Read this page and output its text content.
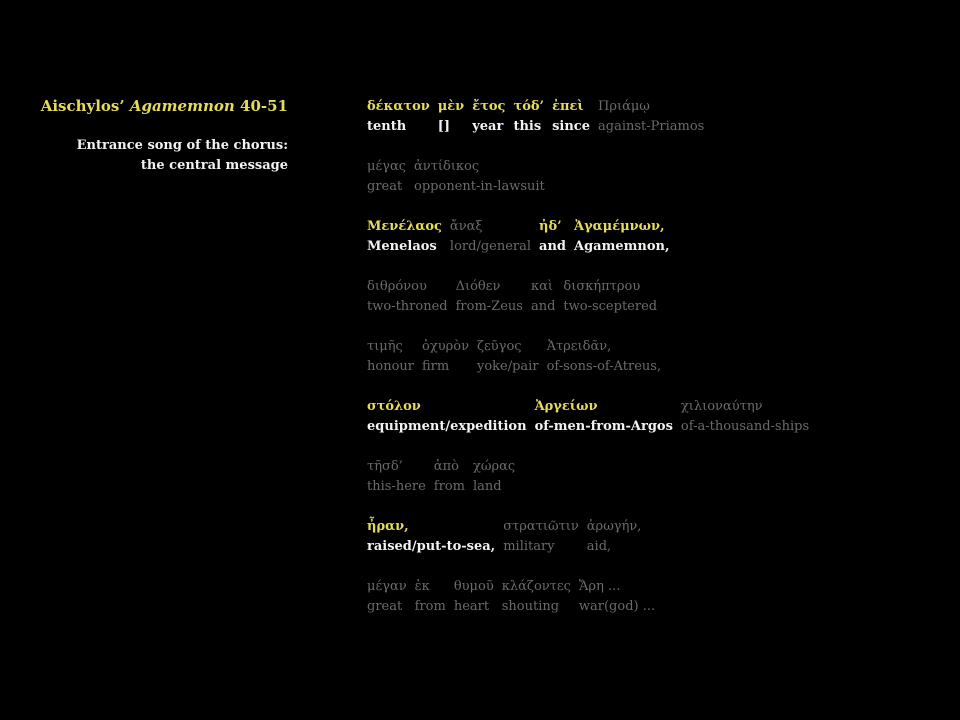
Aischylos’ Agamemnon 40-51
Entrance song of the chorus:
the central message
δέκατον
tenth
μὲν
[]
ἔτος
year
τόδ’
this
ἐπεὶ
since
Πριάμῳ
against-Priamos
μέγας
great
ἀντίδικος
opponent-in-lawsuit
Μενέλαος
Menelaos
ἄναξ
lord/general
ἠδ’
and
Ἀγαμέμνων,
Agamemnon,
διθρόνου
two-throned
Διόθεν
from-Zeus
καὶ
and
δισκήπτρου
two-sceptered
τιμῆς
honour
ὀχυρὸν
firm
ζεῦγος
yoke/pair
Ἀτρειδᾶν,
of-sons-of-Atreus,
στόλον
equipment/expedition
Ἀργείων
of-men-from-Argos
χιλιοναύτην
of-a-thousand-ships
τῆσδ’
this-here
ἀπὸ
from
χώρας
land
ἦραν,
raised/put-to-sea,
στρατιῶτιν
military
ἀρωγήν,
aid,
μέγαν
great
ἐκ
from
θυμοῦ
heart
κλάζοντες
shouting
Ἄρη ...
war(god) ...
